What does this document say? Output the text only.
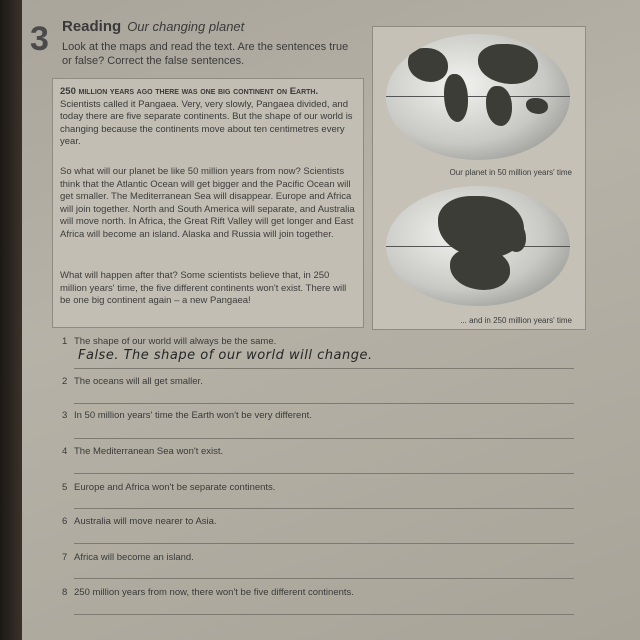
3 Reading Our changing planet
Look at the maps and read the text. Are the sentences true or false? Correct the false sentences.
250 million years ago there was one big continent on Earth. Scientists called it Pangaea. Very, very slowly, Pangaea divided, and today there are five separate continents. But the shape of our world is changing because the continents move about ten centimetres every year.
So what will our planet be like 50 million years from now? Scientists think that the Atlantic Ocean will get bigger and the Pacific Ocean will get smaller. The Mediterranean Sea will disappear. Europe and Africa will join together. North and South America will separate, and Australia will move north. In Africa, the Great Rift Valley will get longer and East Africa will become an island. Alaska and Russia will join together.
What will happen after that? Some scientists believe that, in 250 million years' time, the five different continents won't exist. There will be one big continent again – a new Pangaea!
Our planet in 50 million years' time
... and in 250 million years' time
1 The shape of our world will always be the same.
False. The shape of our world will change.
2 The oceans will all get smaller.
3 In 50 million years' time the Earth won't be very different.
4 The Mediterranean Sea won't exist.
5 Europe and Africa won't be separate continents.
6 Australia will move nearer to Asia.
7 Africa will become an island.
8 250 million years from now, there won't be five different continents.
